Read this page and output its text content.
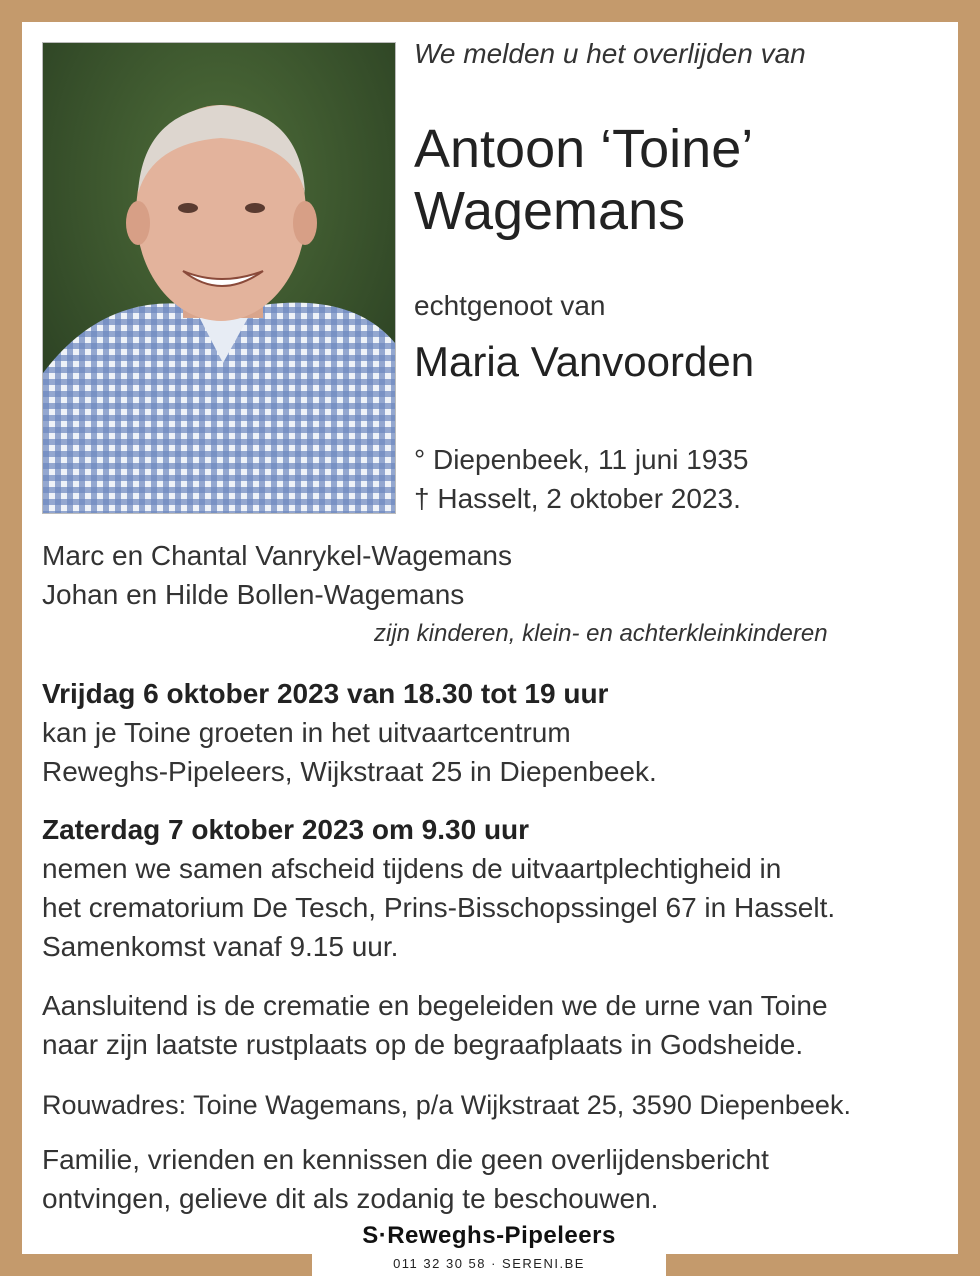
We melden u het overlijden van
Antoon ‘Toine’
Wagemans
echtgenoot van
Maria Vanvoorden
° Diepenbeek, 11 juni 1935
† Hasselt, 2 oktober 2023.
Marc en Chantal Vanrykel-Wagemans
Johan en Hilde Bollen-Wagemans
zijn kinderen, klein- en achterkleinkinderen
Vrijdag 6 oktober 2023 van 18.30 tot 19 uur
kan je Toine groeten in het uitvaartcentrum
Reweghs-Pipeleers, Wijkstraat 25 in Diepenbeek.
Zaterdag 7 oktober 2023 om 9.30 uur
nemen we samen afscheid tijdens de uitvaartplechtigheid in
het crematorium De Tesch, Prins-Bisschopssingel 67 in Hasselt.
Samenkomst vanaf 9.15 uur.
Aansluitend is de crematie en begeleiden we de urne van Toine
naar zijn laatste rustplaats op de begraafplaats in Godsheide.
Rouwadres: Toine Wagemans, p/a Wijkstraat 25, 3590 Diepenbeek.
Familie, vrienden en kennissen die geen overlijdensbericht
ontvingen, gelieve dit als zodanig te beschouwen.
S·Reweghs-Pipeleers
011 32 30 58 · SERENI.BE
